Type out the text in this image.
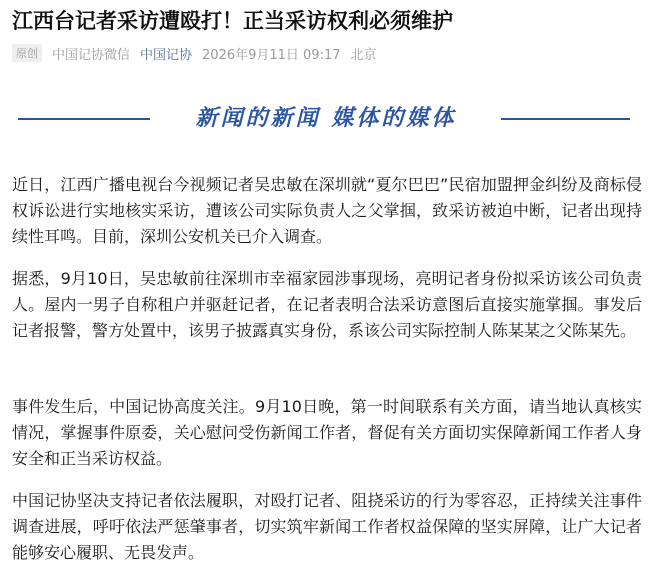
江西台记者采访遭殴打！正当采访权利必须维护
原创	中国记协微信 中国记协 2026年9月11日 09:17 北京
新闻的新闻 媒体的媒体

近日，江西广播电视台今视频记者吴忠敏在深圳就“夏尔巴巴”民宿加盟押金纠纷及商标侵权诉讼进行实地核实采访，遭该公司实际负责人之父掌掴，致采访被迫中断，记者出现持续性耳鸣。目前，深圳公安机关已介入调查。

据悉，9月10日，吴忠敏前往深圳市幸福家园涉事现场，亮明记者身份拟采访该公司负责人。屋内一男子自称租户并驱赶记者，在记者表明合法采访意图后直接实施掌掴。事发后记者报警，警方处置中，该男子披露真实身份，系该公司实际控制人陈某某之父陈某先。

事件发生后，中国记协高度关注。9月10日晚，第一时间联系有关方面，请当地认真核实情况，掌握事件原委，关心慰问受伤新闻工作者，督促有关方面切实保障新闻工作者人身安全和正当采访权益。

中国记协坚决支持记者依法履职，对殴打记者、阻挠采访的行为零容忍，正持续关注事件调查进展，呼吁依法严惩肇事者，切实筑牢新闻工作者权益保障的坚实屏障，让广大记者能够安心履职、无畏发声。
